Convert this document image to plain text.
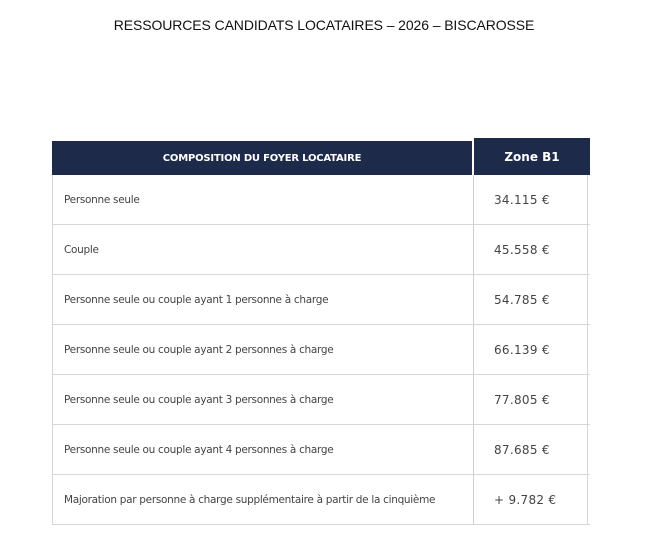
RESSOURCES CANDIDATS LOCATAIRES – 2026 – BISCAROSSE
COMPOSITION DU FOYER LOCATAIRE	Zone B1
Personne seule	34.115 €
Couple	45.558 €
Personne seule ou couple ayant 1 personne à charge	54.785 €
Personne seule ou couple ayant 2 personnes à charge	66.139 €
Personne seule ou couple ayant 3 personnes à charge	77.805 €
Personne seule ou couple ayant 4 personnes à charge	87.685 €
Majoration par personne à charge supplémentaire à partir de la cinquième	+ 9.782 €
